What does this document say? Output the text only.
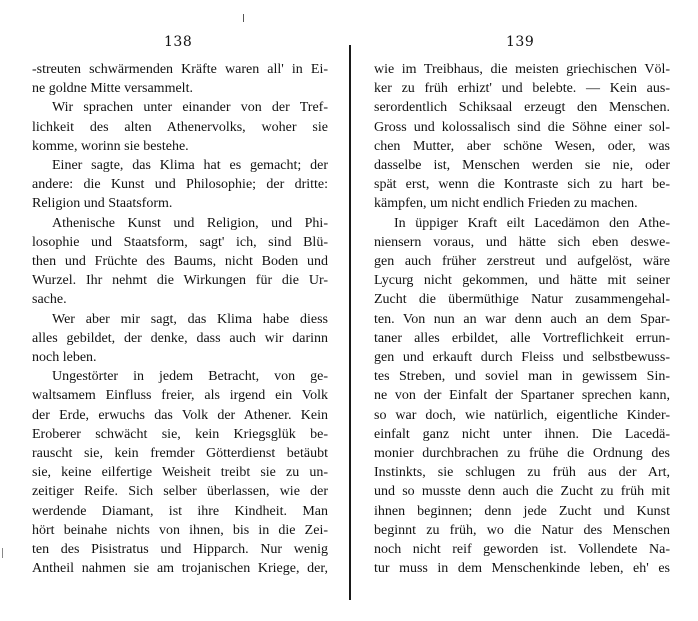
138
-streuten schwärmenden Kräfte waren all' in Ei-
ne goldne Mitte versammelt.
Wir sprachen unter einander von der Tref-
lichkeit des alten Athenervolks, woher sie
komme, worinn sie bestehe.
Einer sagte, das Klima hat es gemacht; der
andere: die Kunst und Philosophie; der dritte:
Religion und Staatsform.
Athenische Kunst und Religion, und Phi-
losophie und Staatsform, sagt' ich, sind Blü-
then und Früchte des Baums, nicht Boden und
Wurzel. Ihr nehmt die Wirkungen für die Ur-
sache.
Wer aber mir sagt, das Klima habe diess
alles gebildet, der denke, dass auch wir darinn
noch leben.
Ungestörter in jedem Betracht, von ge-
waltsamem Einfluss freier, als irgend ein Volk
der Erde, erwuchs das Volk der Athener. Kein
Eroberer schwächt sie, kein Kriegsglük be-
rauscht sie, kein fremder Götterdienst betäubt
sie, keine eilfertige Weisheit treibt sie zu un-
zeitiger Reife. Sich selber überlassen, wie der
werdende Diamant, ist ihre Kindheit. Man
hört beinahe nichts von ihnen, bis in die Zei-
ten des Pisistratus und Hipparch. Nur wenig
Antheil nahmen sie am trojanischen Kriege, der,
139
wie im Treibhaus, die meisten griechischen Völ-
ker zu früh erhizt' und belebte. — Kein aus-
serordentlich Schiksaal erzeugt den Menschen.
Gross und kolossalisch sind die Söhne einer sol-
chen Mutter, aber schöne Wesen, oder, was
dasselbe ist, Menschen werden sie nie, oder
spät erst, wenn die Kontraste sich zu hart be-
kämpfen, um nicht endlich Frieden zu machen.
In üppiger Kraft eilt Lacedämon den Athe-
niensern voraus, und hätte sich eben deswe-
gen auch früher zerstreut und aufgelöst, wäre
Lycurg nicht gekommen, und hätte mit seiner
Zucht die übermüthige Natur zusammengehal-
ten. Von nun an war denn auch an dem Spar-
taner alles erbildet, alle Vortreflichkeit errun-
gen und erkauft durch Fleiss und selbstbewuss-
tes Streben, und soviel man in gewissem Sin-
ne von der Einfalt der Spartaner sprechen kann,
so war doch, wie natürlich, eigentliche Kinder-
einfalt ganz nicht unter ihnen. Die Lacedä-
monier durchbrachen zu frühe die Ordnung des
Instinkts, sie schlugen zu früh aus der Art,
und so musste denn auch die Zucht zu früh mit
ihnen beginnen; denn jede Zucht und Kunst
beginnt zu früh, wo die Natur des Menschen
noch nicht reif geworden ist. Vollendete Na-
tur muss in dem Menschenkinde leben, eh' es
